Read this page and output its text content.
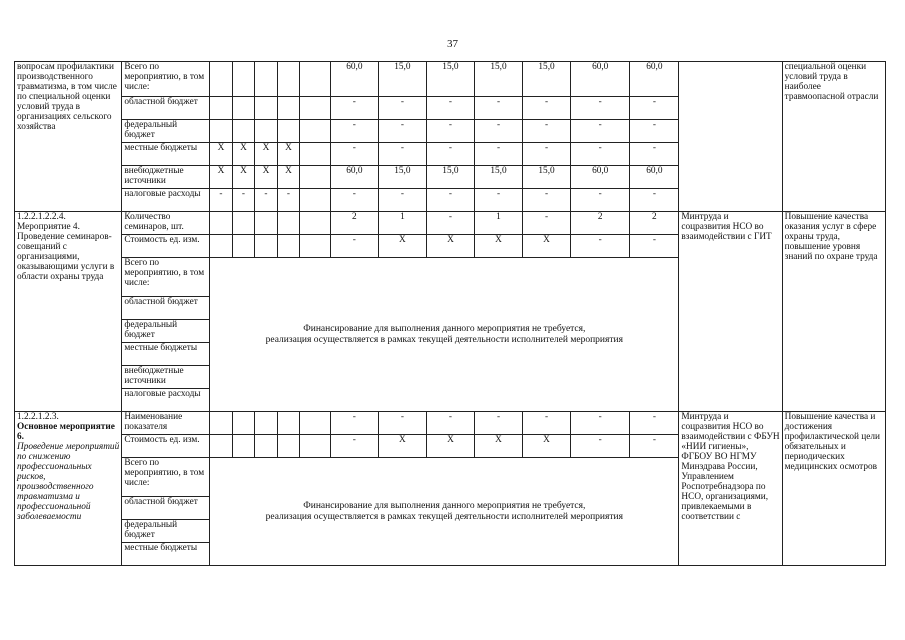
37
вопросам профилактики производственного травматизма, в том числе по специальной оценки условий труда в организациях сельского хозяйства	Всего по мероприятию, в том числе:						60,0	15,0	15,0	15,0	15,0	60,0	60,0		специальной оценки условий труда в наиболее травмоопасной отрасли
	областной бюджет						-	-	-	-	-	-	-		
	федеральный бюджет						-	-	-	-	-	-	-		
	местные бюджеты	X	X	X	X		-	-	-	-	-	-	-		
	внебюджетные источники	X	X	X	X		60,0	15,0	15,0	15,0	15,0	60,0	60,0		
	налоговые расходы	-	-	-	-		-	-	-	-	-	-	-		
1.2.2.1.2.2.4. Мероприятие 4. Проведение семинаров-совещаний с организациями, оказывающими услуги в области охраны труда	Количество семинаров, шт.						2	1	-	1	-	2	2	Минтруда и соцразвития НСО во взаимодействии с ГИТ	Повышение качества оказания услуг в сфере охраны труда, повышение уровня знаний по охране труда
	Стоимость ед. изм.						-	X	X	X	X	-	-		
	Всего по мероприятию, в том числе:	Финансирование для выполнения данного мероприятия не требуется,
реализация осуществляется в рамках текущей деятельности исполнителей мероприятия													

	областной бюджет														
	федеральный бюджет														
	местные бюджеты														
	внебюджетные источники														
	налоговые расходы														

1.2.2.1.2.3.
Основное мероприятие 6.
Проведение мероприятий по снижению профессиональных рисков, производственного травматизма и профессиональной заболеваемости	Наименование показателя						-	-	-	-	-	-	-	Минтруда и соцразвития НСО во взаимодействии с ФБУН «НИИ гигиены», ФГБОУ ВО НГМУ Минздрава России, Управлением Роспотребнадзора по НСО, организациями, привлекаемыми в соответствии с	Повышение качества и достижения профилактической цели обязательных и периодических медицинских осмотров
	Стоимость ед. изм.						-	X	X	X	X	-	-		
	Всего по мероприятию, в том числе:	Финансирование для выполнения данного мероприятия не требуется,
реализация осуществляется в рамках текущей деятельности исполнителей мероприятия													

	областной бюджет														
	федеральный бюджет														
	местные бюджеты														
